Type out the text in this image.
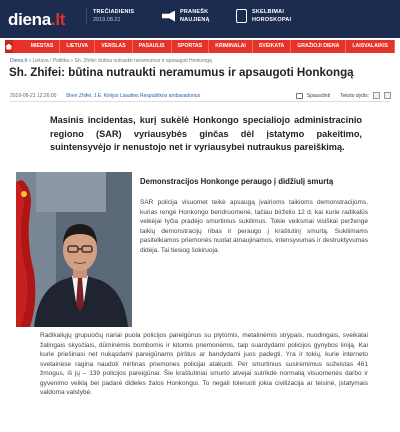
diena.lt	TREČIADIENIS
2019.08.21
PRANEŠK
NAUJIENĄ
SKELBIMAI
HOROSKOPAI
MIESTAS	LIETUVA	VERSLAS	PASAULIS	SPORTAS	KRIMINALAI	SVEIKATA	GRAŽIOJI DIENA	LAISVALAIKIS
Diena.lt » Lietuva / Politika » Sh. Zhifei: būtina nutraukti neramumus ir apsaugoti Honkongą
Sh. Zhifei: būtina nutraukti neramumus ir apsaugoti Honkongą
2019-08-21 12:26:00 Shen Zhifei, J.E. Kinijos Liaudies Respublikos ambasadorius	Spausdinti Teksto dydis:

Masinis incidentas, kurį sukėlė Honkongo specialiojo administracinio regiono (SAR) vyriausybės ginčas dėl įstatymo pakeitimo, suintensyvėjo ir nenustojo net ir vyriausybei nutraukus pareiškimą.

Demonstracijos Honkonge peraugo į didžiulį smurtą

SAR policija visuomet teikė apsaugą įvairioms taikioms demonstracijoms, kurias rengė Honkongo bendruomenė, tačiau birželio 12 d. kai kurie radikalūs veikėjai tyčia pradėjo smurtinius sukilimus. Tokie veiksmai visiškai peržengė taikių demonstracijų ribas ir peraugo į kraštutinį smurtą. Sukilimams pasitelkiamos priemonės nuolat atnaujinamos, intensyvumas ir destruktyvumas didėja. Tai tiesiog šokiruoja.

Radikaliųjų grupuočių nariai puola policijos pareigūnus su plytomis, metalinėmis strypais, nuodingais, sveikatai žalingais skysčiais, dūminėmis bombomis ir kitomis priemonėmis, taip suardydami policijos gynybos liniją. Kai kurie priešinasi net nukąsdami pareigūnams pirštus ar bandydami juos padegti. Yra ir tokių, kurie interneto svetainėse ragina naudoti mirtinas priemones policijai atakuoti. Per smurtinius susirėmimus sužeistas 461 žmogus, iš jų – 139 policijos pareigūnai. Šie kraštutiniai smurto atvejai sutrikdė normalią visuomenės darbo ir gyvenimo veiklą bei padarė dideles žalos Honkongui. To negali toleruoti jokia civilizacija ar teisinė, įstatymais valdoma valstybė.
